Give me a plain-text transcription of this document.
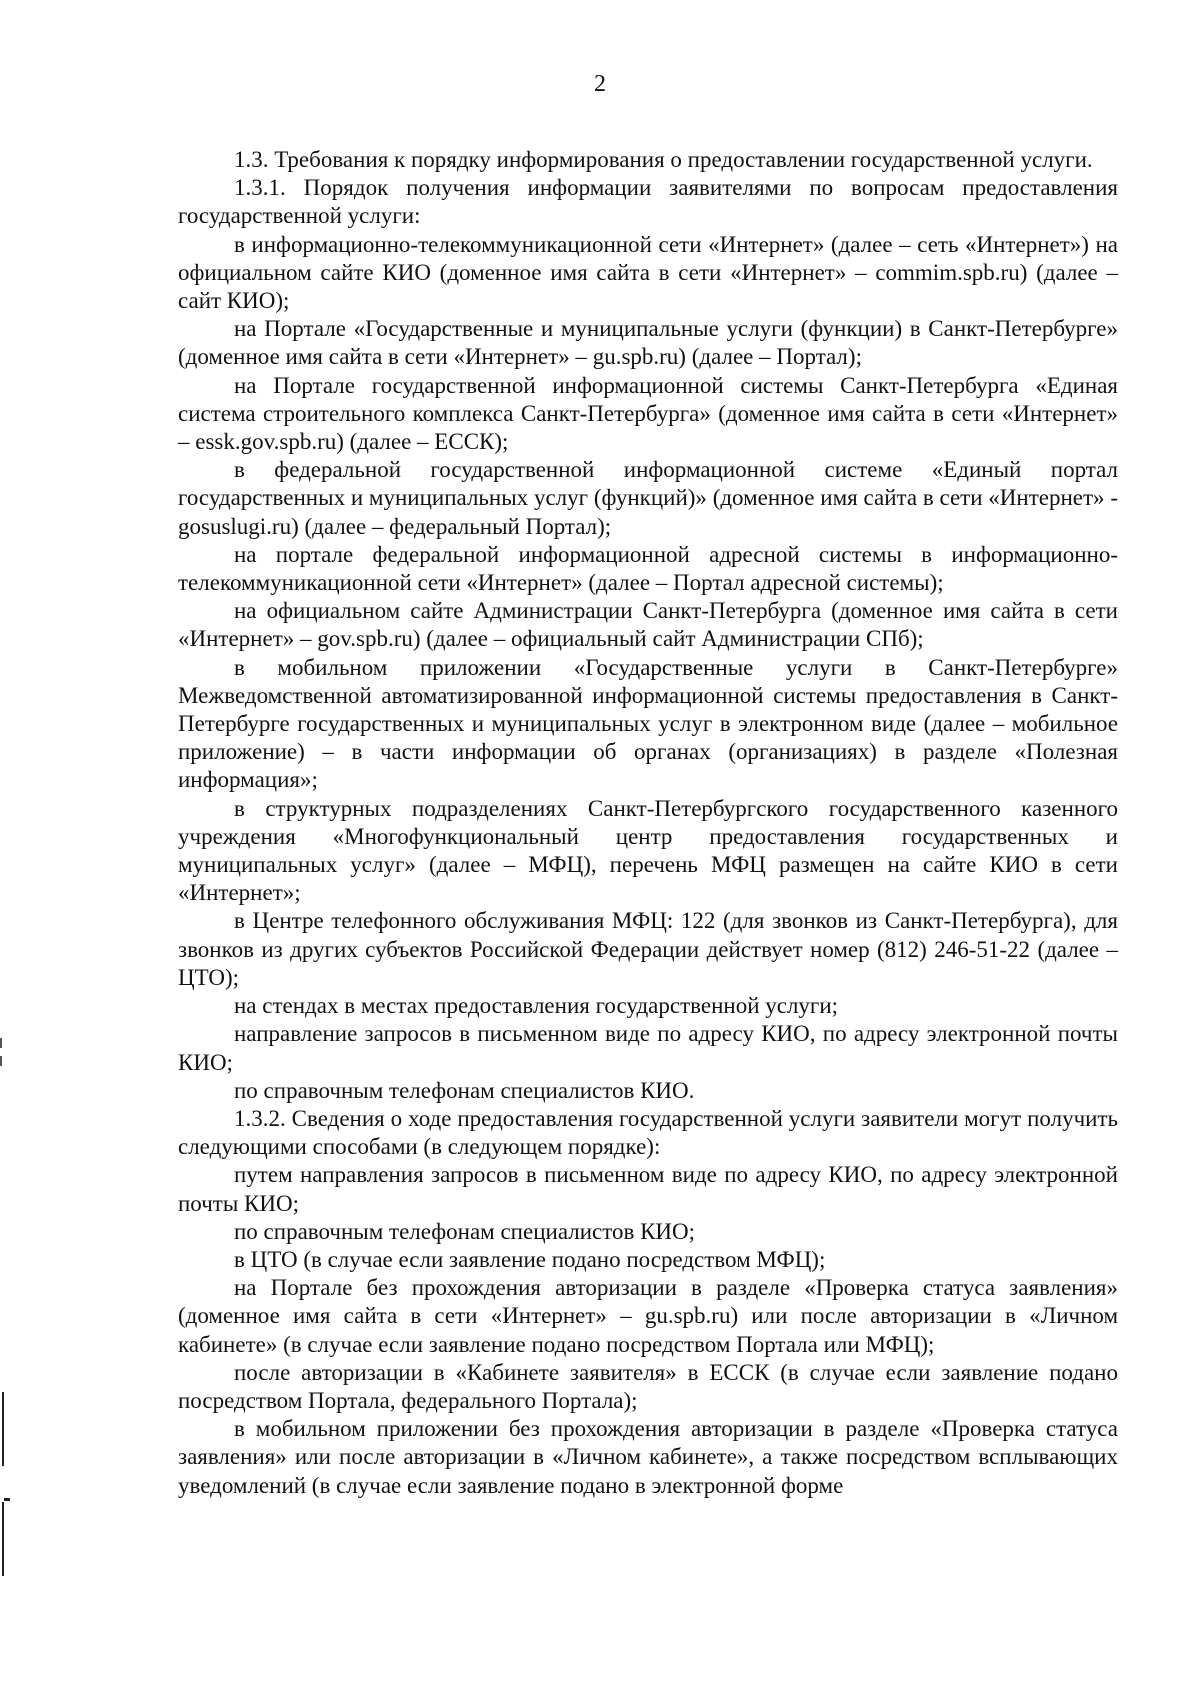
2

1.3. Требования к порядку информирования о предоставлении государственной услуги.

1.3.1. Порядок получения информации заявителями по вопросам предоставления государственной услуги:

в информационно-телекоммуникационной сети «Интернет» (далее – сеть «Интернет») на официальном сайте КИО (доменное имя сайта в сети «Интернет» – commim.spb.ru) (далее – сайт КИО);

на Портале «Государственные и муниципальные услуги (функции) в Санкт-Петербурге» (доменное имя сайта в сети «Интернет» – gu.spb.ru) (далее – Портал);

на Портале государственной информационной системы Санкт-Петербурга «Единая система строительного комплекса Санкт-Петербурга» (доменное имя сайта в сети «Интернет» – essk.gov.spb.ru) (далее – ЕССК);

в федеральной государственной информационной системе «Единый портал государственных и муниципальных услуг (функций)» (доменное имя сайта в сети «Интернет» - gosuslugi.ru) (далее – федеральный Портал);

на портале федеральной информационной адресной системы в информационно-телекоммуникационной сети «Интернет» (далее – Портал адресной системы);

на официальном сайте Администрации Санкт-Петербурга (доменное имя сайта в сети «Интернет» – gov.spb.ru) (далее – официальный сайт Администрации СПб);

в мобильном приложении «Государственные услуги в Санкт-Петербурге» Межведомственной автоматизированной информационной системы предоставления в Санкт-Петербурге государственных и муниципальных услуг в электронном виде (далее – мобильное приложение) – в части информации об органах (организациях) в разделе «Полезная информация»;

в структурных подразделениях Санкт-Петербургского государственного казенного учреждения «Многофункциональный центр предоставления государственных и муниципальных услуг» (далее – МФЦ), перечень МФЦ размещен на сайте КИО в сети «Интернет»;

в Центре телефонного обслуживания МФЦ: 122 (для звонков из Санкт-Петербурга), для звонков из других субъектов Российской Федерации действует номер (812) 246-51-22 (далее – ЦТО);

на стендах в местах предоставления государственной услуги;

направление запросов в письменном виде по адресу КИО, по адресу электронной почты КИО;

по справочным телефонам специалистов КИО.

1.3.2. Сведения о ходе предоставления государственной услуги заявители могут получить следующими способами (в следующем порядке):

путем направления запросов в письменном виде по адресу КИО, по адресу электронной почты КИО;

по справочным телефонам специалистов КИО;

в ЦТО (в случае если заявление подано посредством МФЦ);

на Портале без прохождения авторизации в разделе «Проверка статуса заявления» (доменное имя сайта в сети «Интернет» – gu.spb.ru) или после авторизации в «Личном кабинете» (в случае если заявление подано посредством Портала или МФЦ);

после авторизации в «Кабинете заявителя» в ЕССК (в случае если заявление подано посредством Портала, федерального Портала);

в мобильном приложении без прохождения авторизации в разделе «Проверка статуса заявления» или после авторизации в «Личном кабинете», а также посредством всплывающих уведомлений (в случае если заявление подано в электронной форме
